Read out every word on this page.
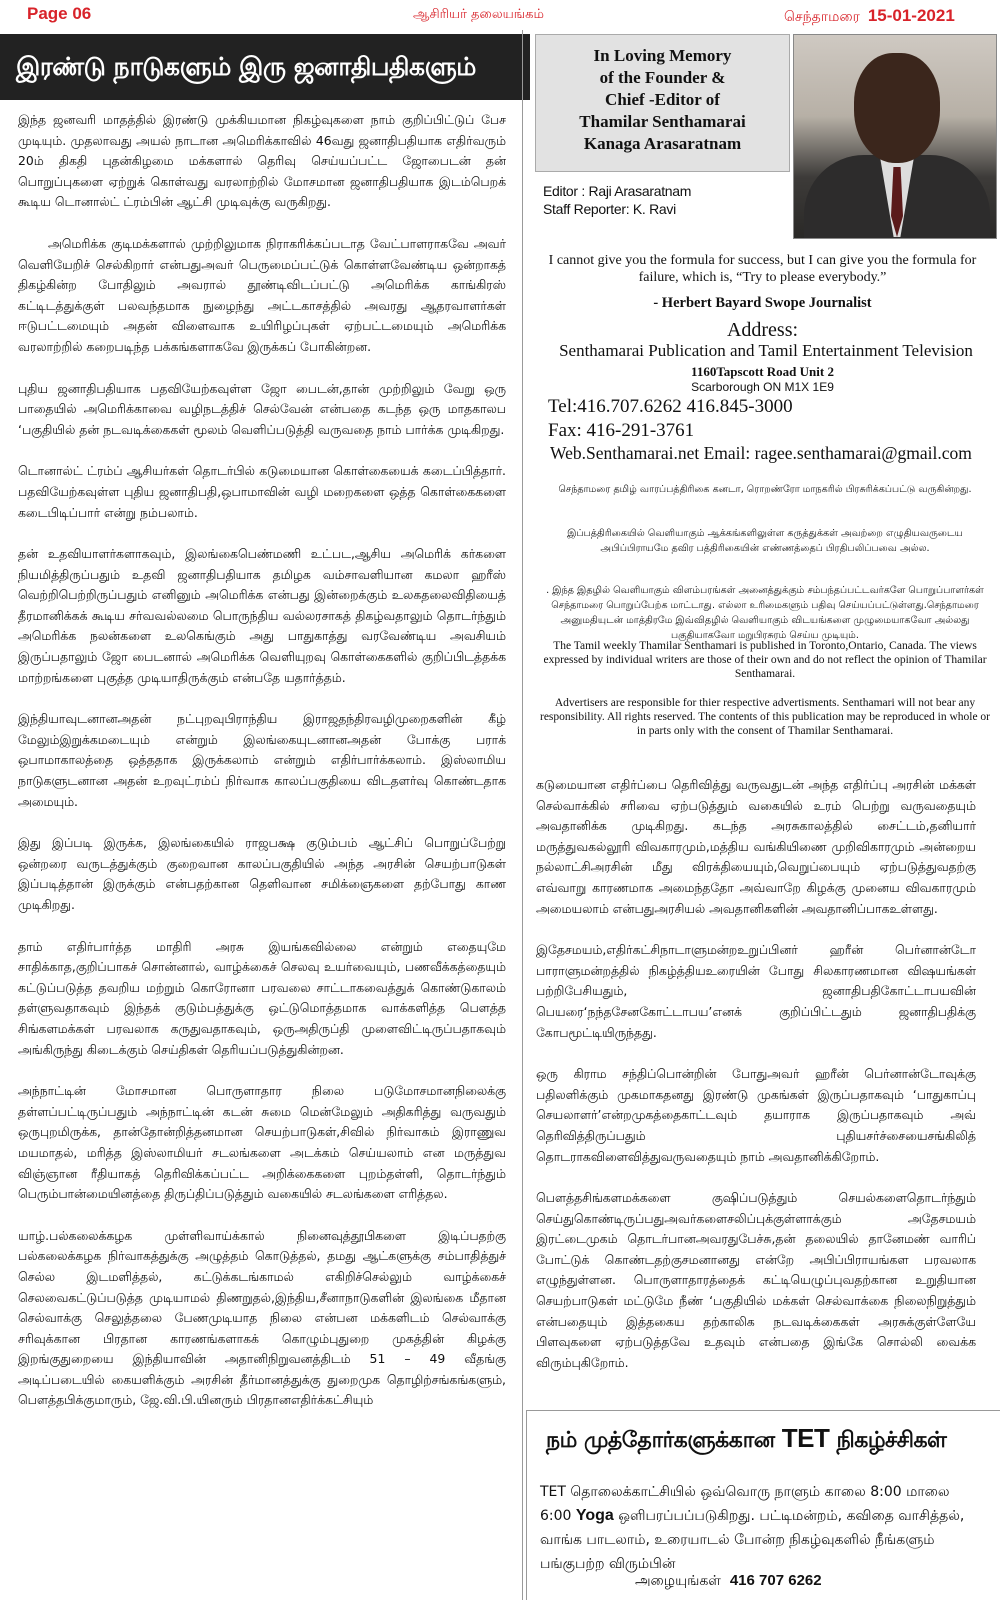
Page 06	ஆசிரியர் தலையங்கம்	செந்தாமரை 15-01-2021
இரண்டு நாடுகளும் இரு ஜனாதிபதிகளும்

இந்த ஜனவரி மாதத்தில் இரண்டு முக்கியமான நிகழ்வுகளை நாம் குறிப்பிட்டுப் பேச முடியும். முதலாவது அயல் நாடான அமெரிக்காவில் 46வது ஜனாதிபதியாக எதிர்வரும் 20ம் திகதி புதன்கிழமை மக்களால் தெரிவு செய்யப்பட்ட ஜோபைடன் தன் பொறுப்புகளை ஏற்றுக் கொள்வது வரலாற்றில் மோசமான ஜனாதிபதியாக இடம்பெறக் கூடிய டொனால்ட் ட்ரம்பின் ஆட்சி முடிவுக்கு வருகிறது.

அமெரிக்க குடிமக்களால் முற்றிலுமாக நிராகரிக்கப்படாத வேட்பாளராகவே அவர் வெளியேறிச் செல்கிறார் என்பதுஅவர் பெருமைப்பட்டுக் கொள்ளவேண்டிய ஒன்றாகத் திகழ்கின்ற போதிலும் அவரால் தூண்டிவிடப்பட்டு அமெரிக்க காங்கிரஸ் கட்டிடத்துக்குள் பலவந்தமாக நுழைந்து அட்டகாசத்தில் அவரது ஆதரவாளர்கள் ஈடுபட்டமையும் அதன் விளைவாக உயிரிழப்புகள் ஏற்பட்டமையும் அமெரிக்க வரலாற்றில் கறைபடிந்த பக்கங்களாகவே இருக்கப் போகின்றன.

புதிய ஜனாதிபதியாக பதவியேற்கவுள்ள ஜோ பைடன்,தான் முற்றிலும் வேறு ஒரு பாதையில் அமெரிக்காவை வழிநடத்திச் செல்வேன் என்பதை கடந்த ஒரு மாதகாலப ‘பகுதியில் தன் நடவடிக்கைகள் மூலம் வெளிப்படுத்தி வருவதை நாம் பார்க்க முடிகிறது.

டொனால்ட் ட்ரம்ப் ஆசியர்கள் தொடர்பில் கடுமையான கொள்கையைக் கடைப்பித்தார். பதவியேற்கவுள்ள புதிய ஜனாதிபதி,ஒபாமாவின் வழி மறைகளை ஒத்த கொள்கைகளை கடைபிடிப்பார் என்று நம்பலாம்.

தன் உதவியாளர்களாகவும், இலங்கைபெண்மணி உட்பட,ஆசிய அமெரிக் கர்களை நியமித்திருப்பதும் உதவி ஜனாதிபதியாக தமிழக வம்சாவளியான கமலா ஹரீஸ் வெற்றிபெற்றிருப்பதும் எனினும் அமெரிக்க என்பது இன்றைக்கும் உலகதலைவிதியைத் தீரமானிக்கக் கூடிய சர்வவல்லமை பொருந்திய வல்லரசாகத் திகழ்வதாலும் தொடர்ந்தும் அமெரிக்க நலன்களை உலகெங்கும் அது பாதுகாத்து வரவேண்டிய அவசியம் இருப்பதாலும் ஜோ பைடனால் அமெரிக்க வெளியுறவு கொள்கைகளில் குறிப்பிடத்தக்க மாற்றங்களை புகுத்த முடியாதிருக்கும் என்பதே யதார்த்தம்.

இந்தியாவுடனானஅதன் நட்புறவுபிராந்திய இராஜதந்திரவழிமுறைகளின் கீழ் மேலும்இறுக்கமடையும் என்றும் இலங்கையுடனானஅதன் போக்கு பராக் ஒபாமாகாலத்தை ஒத்ததாக இருக்கலாம் என்றும் எதிர்பார்க்கலாம். இஸ்லாமிய நாடுகளுடனான அதன் உறவுட்ரம்ப் நிர்வாக காலப்பகுதியை விடதளர்வு கொண்டதாக அமையும்.

இது இப்படி இருக்க, இலங்கையில் ராஜபக்ஷ குடும்பம் ஆட்சிப் பொறுப்பேற்று ஒன்றரை வருடத்துக்கும் குறைவான காலப்பகுதியில் அந்த அரசின் செயற்பாடுகள் இப்படித்தான் இருக்கும் என்பதற்கான தெளிவான சமிக்ஞைகளை தற்போது காண முடிகிறது.

தாம் எதிர்பார்த்த மாதிரி அரசு இயங்கவில்லை என்றும் எதையுமே சாதிக்காத,குறிப்பாகச் சொன்னால், வாழ்க்கைச் செலவு உயர்வையும், பணவீக்கத்தையும் கட்டுப்படுத்த தவறிய மற்றும் கொரோனா பரவலை சாட்டாகவைத்துக் கொண்டுகாலம் தள்ளுவதாகவும் இந்தக் குடும்பத்துக்கு ஒட்டுமொத்தமாக வாக்களித்த பௌத்த சிங்களமக்கள் பரவலாக கருதுவதாகவும், ஒருஅதிருப்தி முளைவிட்டிருப்பதாகவும் அங்கிருந்து கிடைக்கும் செய்திகள் தெரியப்படுத்துகின்றன.

அந்நாட்டின் மோசமான பொருளாதார நிலை படுமோசமானநிலைக்கு தள்ளப்பட்டிருப்பதும் அந்நாட்டின் கடன் சுமை மென்மேலும் அதிகரித்து வருவதும் ஒருபுறமிருக்க, தான்தோன்றித்தனமான செயற்பாடுகள்,சிவில் நிர்வாகம் இராணுவ மயமாதல், மரித்த இஸ்லாமியர் சடலங்களை அடக்கம் செய்யலாம் என மருத்துவ விஞ்ஞான ரீதியாகத் தெரிவிக்கப்பட்ட அறிக்கைகளை புறம்தள்ளி, தொடர்ந்தும் பெரும்பான்மையினத்தை திருப்திப்படுத்தும் வகையில் சடலங்களை எரித்தல.

யாழ்.பல்கலைக்கழக முள்ளிவாய்க்கால் நினைவுத்தூபிகளை இடிப்பதற்கு பல்கலைக்கழக நிர்வாகத்துக்கு அழுத்தம் கொடுத்தல், தமது ஆட்களுக்கு சம்பாதித்துச் செல்ல இடமளித்தல், கட்டுக்கடங்காமல் எகிறிச்செல்லும் வாழ்க்கைச் செலவைகட்டுப்படுத்த முடியாமல் திணறுதல்,இந்திய,சீனாநாடுகளின் இலங்கை மீதான செல்வாக்கு செலுத்தலை பேணமுடியாத நிலை என்பன மக்களிடம் செல்வாக்கு சரிவுக்கான பிரதான காரணங்களாகக் கொழும்புதுறை முகத்தின் கிழக்கு இறங்குதுறையை இந்தியாவின் அதானிநிறுவனத்திடம் 51 – 49 வீதங்கு அடிப்படையில் கையளிக்கும் அரசின் தீர்மானத்துக்கு துறைமுக தொழிற்சங்கங்களும், பௌத்தபிக்குமாரும், ஜே.வி.பி.யினரும் பிரதானஎதிர்க்கட்சியும்

In Loving Memory
of the Founder &
Chief -Editor of
Thamilar Senthamarai
Kanaga Arasaratnam
Editor : Raji Arasaratnam
Staff Reporter: K. Ravi
I cannot give you the formula for success, but I can give you the formula for failure, which is, “Try to please everybody.”
- Herbert Bayard Swope Journalist
Address:
Senthamarai Publication and Tamil Entertainment Television
1160Tapscott Road Unit 2
Scarborough ON M1X 1E9
Tel:416.707.6262 416.845-3000
Fax: 416-291-3761
Web.Senthamarai.net Email: ragee.senthamarai@gmail.com
செந்தாமரை தமிழ் வாரப்பத்திரிகை கனடா, ரொறண்ரோ மாநகரில் பிரசுரிக்கப்பட்டு வருகின்றது.
இப்பத்திரிகையில் வெளியாகும் ஆக்கங்களிலுள்ள கருத்துக்கள் அவற்றை எழுதியவருடைய அபிப்பிராயமே தவிர பத்திரிகையின் எண்ணத்தைப் பிரதிபலிப்பவை அல்ல.
. இந்த இதழில் வெளியாகும் விளம்பரங்கள் அனைத்துக்கும் சம்பந்தப்பட்டவர்களே பொறுப்பாளர்கள் செந்தாமரை பொறுப்பேற்க மாட்டாது. எல்லா உரிமைகளும் பதிவு செய்யப்பட்டுள்ளது.செந்தாமரை அனுமதியுடன் மாத்திரமே இவ்விதழில் வெளியாகும் விடயங்களை முழுமையாகவோ அல்லது பகுதியாகவோ மறுபிரசுரம் செய்ய முடியும்.
The Tamil weekly Thamilar Senthamari is published in Toronto,Ontario, Canada. The views expressed by individual writers are those of their own and do not reflect the opinion of Thamilar Senthamarai.
Advertisers are responsible for thier respective advertisments. Senthamari will not bear any responsibility. All rights reserved. The contents of this publication may be reproduced in whole or in parts only with the consent of Thamilar Senthamarai.

கடுமையான எதிர்ப்பை தெரிவித்து வருவதுடன் அந்த எதிர்ப்பு அரசின் மக்கள் செல்வாக்கில் சரிவை ஏற்படுத்தும் வகையில் உரம் பெற்று வருவதையும் அவதானிக்க முடிகிறது. கடந்த அரசுகாலத்தில் சைட்டம்,தனியார் மருத்துவகல்லூரி விவகாரமும்,மத்திய வங்கியிணை முறிவிகாரமும் அன்றைய நல்லாட்சிஅரசின் மீது விரக்தியையும்,வெறுப்பையும் ஏற்படுத்துவதற்கு எவ்வாறு காரணமாக அமைந்ததோ அவ்வாறே கிழக்கு முனைய விவகாரமும் அமையலாம் என்பதுஅரசியல் அவதானிகளின் அவதானிப்பாகஉள்ளது.

இதேசமயம்,எதிர்கட்சிநாடாளுமன்றஉறுப்பினர் ஹரீன் பெர்னான்டோ பாராளுமன்றத்தில் நிகழ்த்தியஉரையின் போது சிலகாரணமான விஷயங்கள் பற்றிபேசியதும், ஜனாதிபதிகோட்டாபயவின் பெயரை‘நந்தசேனகோட்டாபய’எனக் குறிப்பிட்டதும் ஜனாதிபதிக்கு கோபமூட்டியிருந்தது.

ஒரு கிராம சந்திப்பொன்றின் போதுஅவர் ஹரீன் பெர்னான்டோவுக்கு பதிலளிக்கும் முகமாகதனது இரண்டு முகங்கள் இருப்பதாகவும் ‘பாதுகாப்பு செயலாளர்’என்றமுகத்தைகாட்டவும் தயாராக இருப்பதாகவும் அவ் தெரிவித்திருப்பதும் புதியசர்ச்சையைசங்கிலித் தொடராகவிளைவித்துவருவதையும் நாம் அவதானிக்கிறோம்.

பௌத்தசிங்களமக்களை குஷிப்படுத்தும் செயல்களைதொடர்ந்தும் செய்துகொண்டிருப்பதுஅவர்களைசலிப்புக்குள்ளாக்கும் அதேசமயம் இரட்டைமுகம் தொடர்பானஅவரதுபேச்சு,தன் தலையில் தானேமண் வாரிப் போட்டுக் கொண்டதற்குசமனானது என்றே அபிப்பிராயங்கள பரவலாக எழுந்துள்ளன. பொருளாதாரத்தைக் கட்டியெழுப்புவதற்கான உறுதியான செயற்பாடுகள் மட்டுமே நீண் ‘பகுதியில் மக்கள் செல்வாக்கை நிலைநிறுத்தும் என்பதையும் இத்தகைய தற்காலிக நடவடிக்கைகள் அரசுக்குள்ளேயே பிளவுகளை ஏற்படுத்தவே உதவும் என்பதை இங்கே சொல்லி வைக்க விரும்புகிறோம்.

நம் முத்தோர்களுக்கான TET நிகழ்ச்சிகள்
TET தொலைக்காட்சியில் ஒவ்வொரு நாளும் காலை 8:00 மாலை 6:00 Yoga ஒளிபரப்பப்படுகிறது. பட்டிமன்றம், கவிதை வாசித்தல், வாங்க பாடலாம், உரையாடல் போன்ற நிகழ்வுகளில் நீங்களும் பங்குபற்ற விரும்பின்
அழையுங்கள் 416 707 6262
